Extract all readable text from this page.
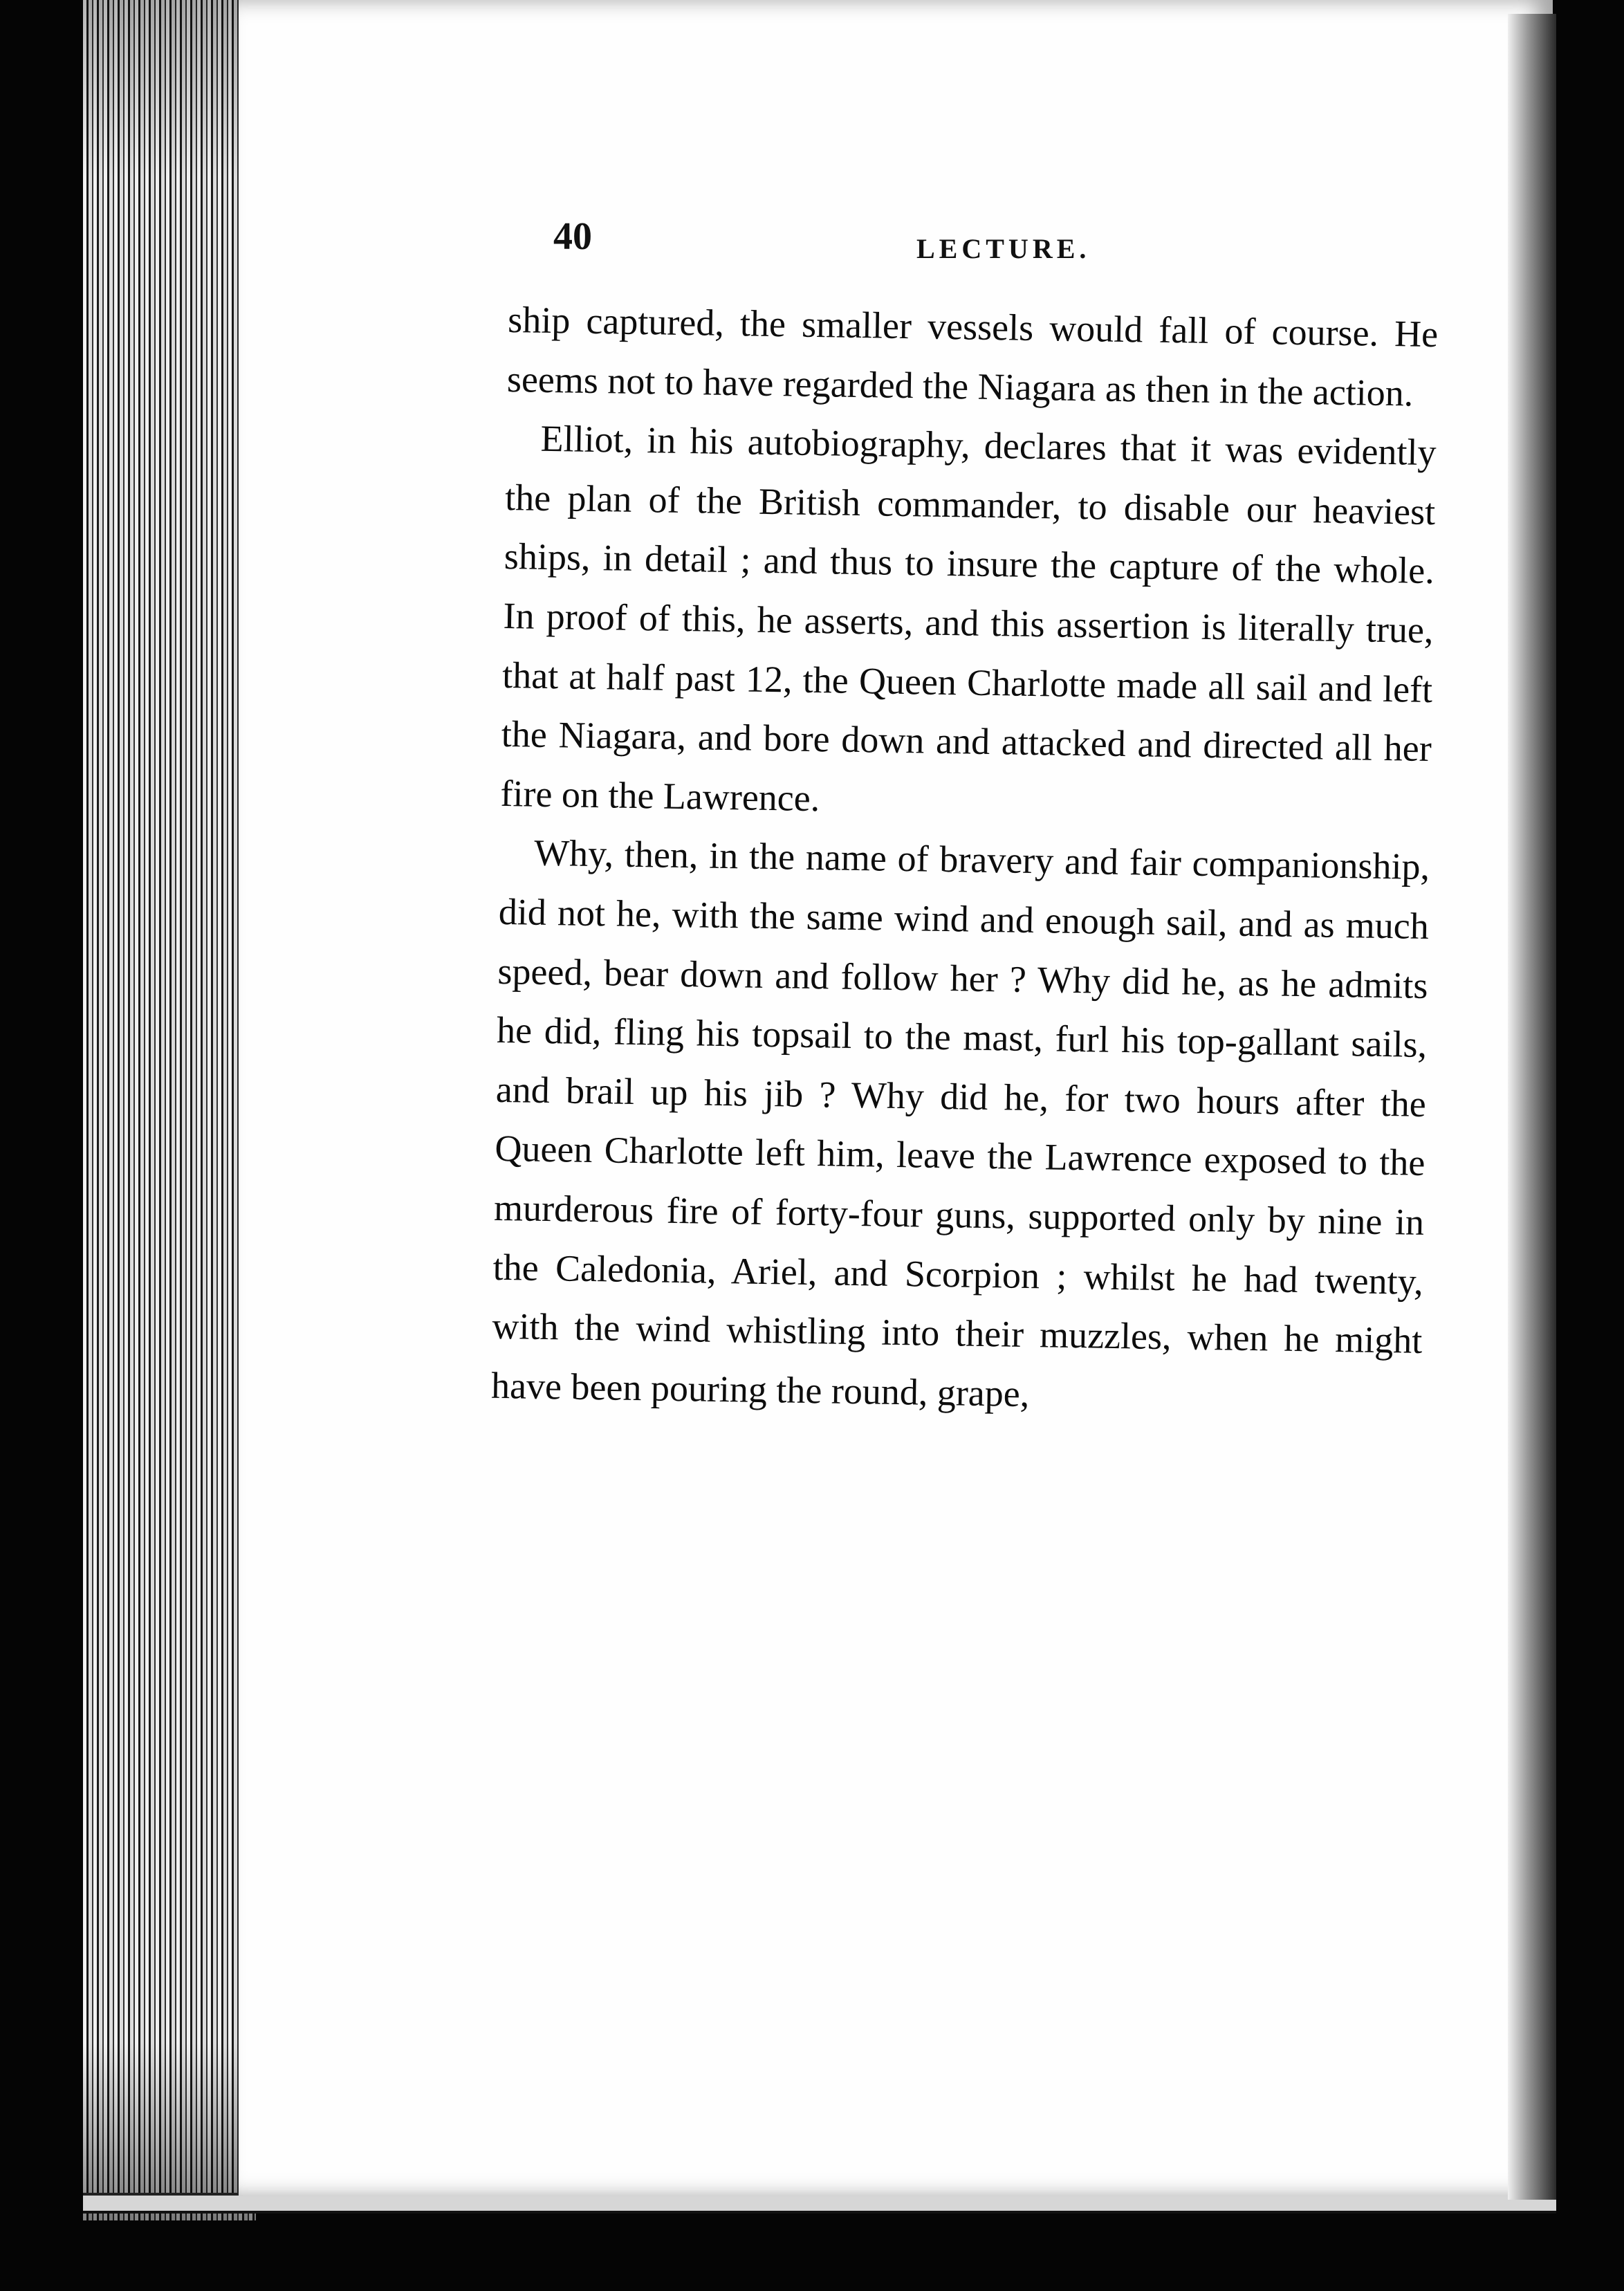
40	LECTURE.

ship captured, the smaller vessels would fall of course. He seems not to have regarded the Niagara as then in the action.

Elliot, in his autobiography, declares that it was evidently the plan of the British commander, to disable our heaviest ships, in detail ; and thus to insure the capture of the whole. In proof of this, he asserts, and this assertion is literally true, that at half past 12, the Queen Charlotte made all sail and left the Niagara, and bore down and attacked and directed all her fire on the Lawrence.

Why, then, in the name of bravery and fair companionship, did not he, with the same wind and enough sail, and as much speed, bear down and follow her ? Why did he, as he admits he did, fling his topsail to the mast, furl his top-gallant sails, and brail up his jib ? Why did he, for two hours after the Queen Charlotte left him, leave the Lawrence exposed to the murderous fire of forty-four guns, supported only by nine in the Caledonia, Ariel, and Scorpion ; whilst he had twenty, with the wind whistling into their muzzles, when he might have been pouring the round, grape,
